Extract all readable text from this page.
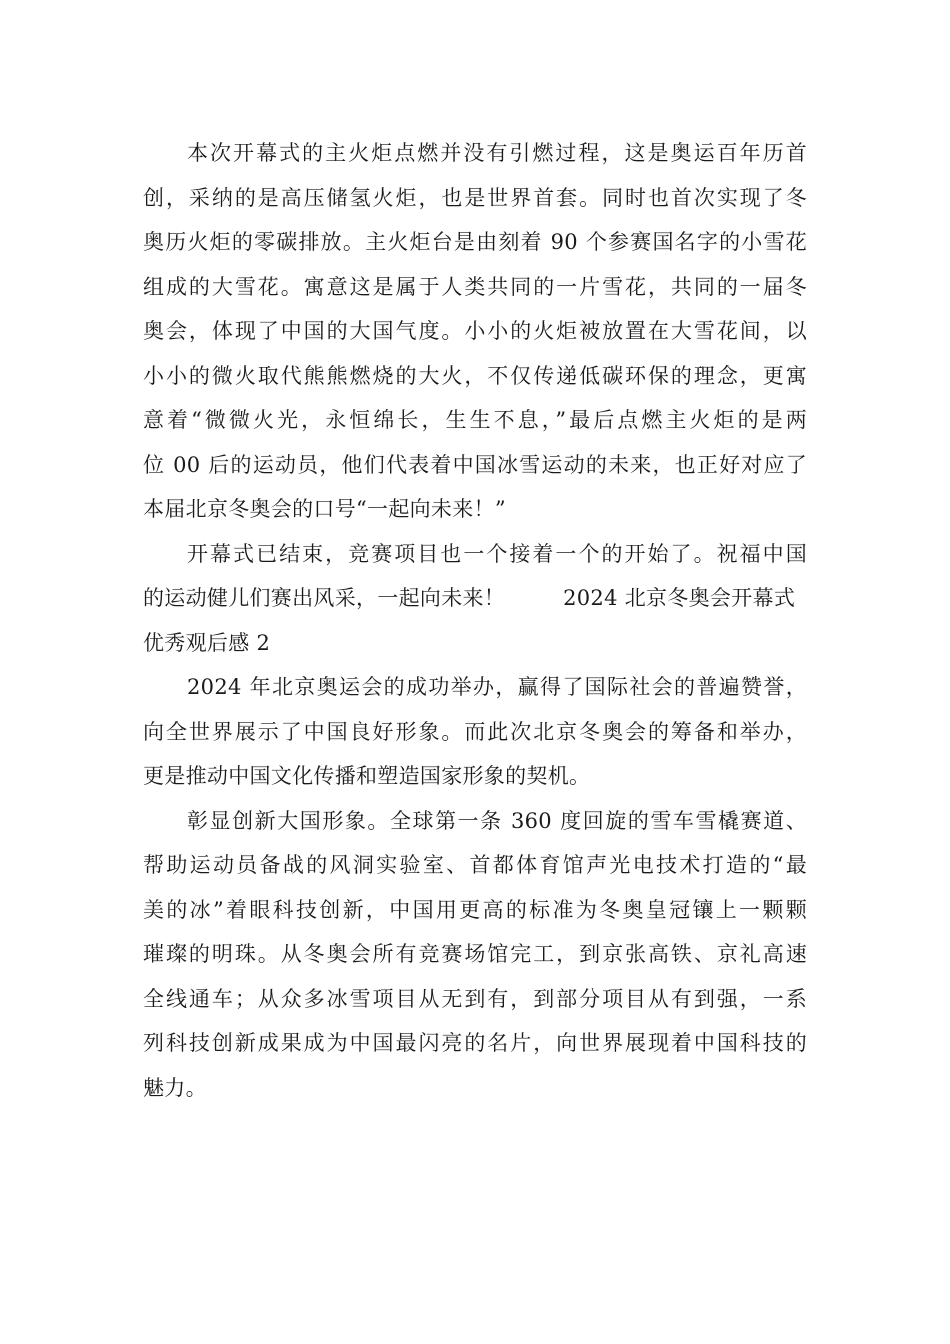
本次开幕式的主火炬点燃并没有引燃过程，这是奥运百年历首
创，采纳的是高压储氢火炬，也是世界首套。同时也首次实现了冬
奥历火炬的零碳排放。主火炬台是由刻着 90 个参赛国名字的小雪花
组成的大雪花。寓意这是属于人类共同的一片雪花，共同的一届冬
奥会，体现了中国的大国气度。小小的火炬被放置在大雪花间，以
小小的微火取代熊熊燃烧的大火，不仅传递低碳环保的理念，更寓
意着“微微火光，永恒绵长，生生不息，”最后点燃主火炬的是两
位 00 后的运动员，他们代表着中国冰雪运动的未来，也正好对应了
本届北京冬奥会的口号“一起向未来！”
开幕式已结束，竞赛项目也一个接着一个的开始了。祝福中国
的运动健儿们赛出风采，一起向未来！	2024 北京冬奥会开幕式
优秀观后感 2
2024 年北京奥运会的成功举办，赢得了国际社会的普遍赞誉，
向全世界展示了中国良好形象。而此次北京冬奥会的筹备和举办，
更是推动中国文化传播和塑造国家形象的契机。
彰显创新大国形象。全球第一条 360 度回旋的雪车雪橇赛道、
帮助运动员备战的风洞实验室、首都体育馆声光电技术打造的“最
美的冰”着眼科技创新，中国用更高的标准为冬奥皇冠镶上一颗颗
璀璨的明珠。从冬奥会所有竞赛场馆完工，到京张高铁、京礼高速
全线通车；从众多冰雪项目从无到有，到部分项目从有到强，一系
列科技创新成果成为中国最闪亮的名片，向世界展现着中国科技的
魅力。
